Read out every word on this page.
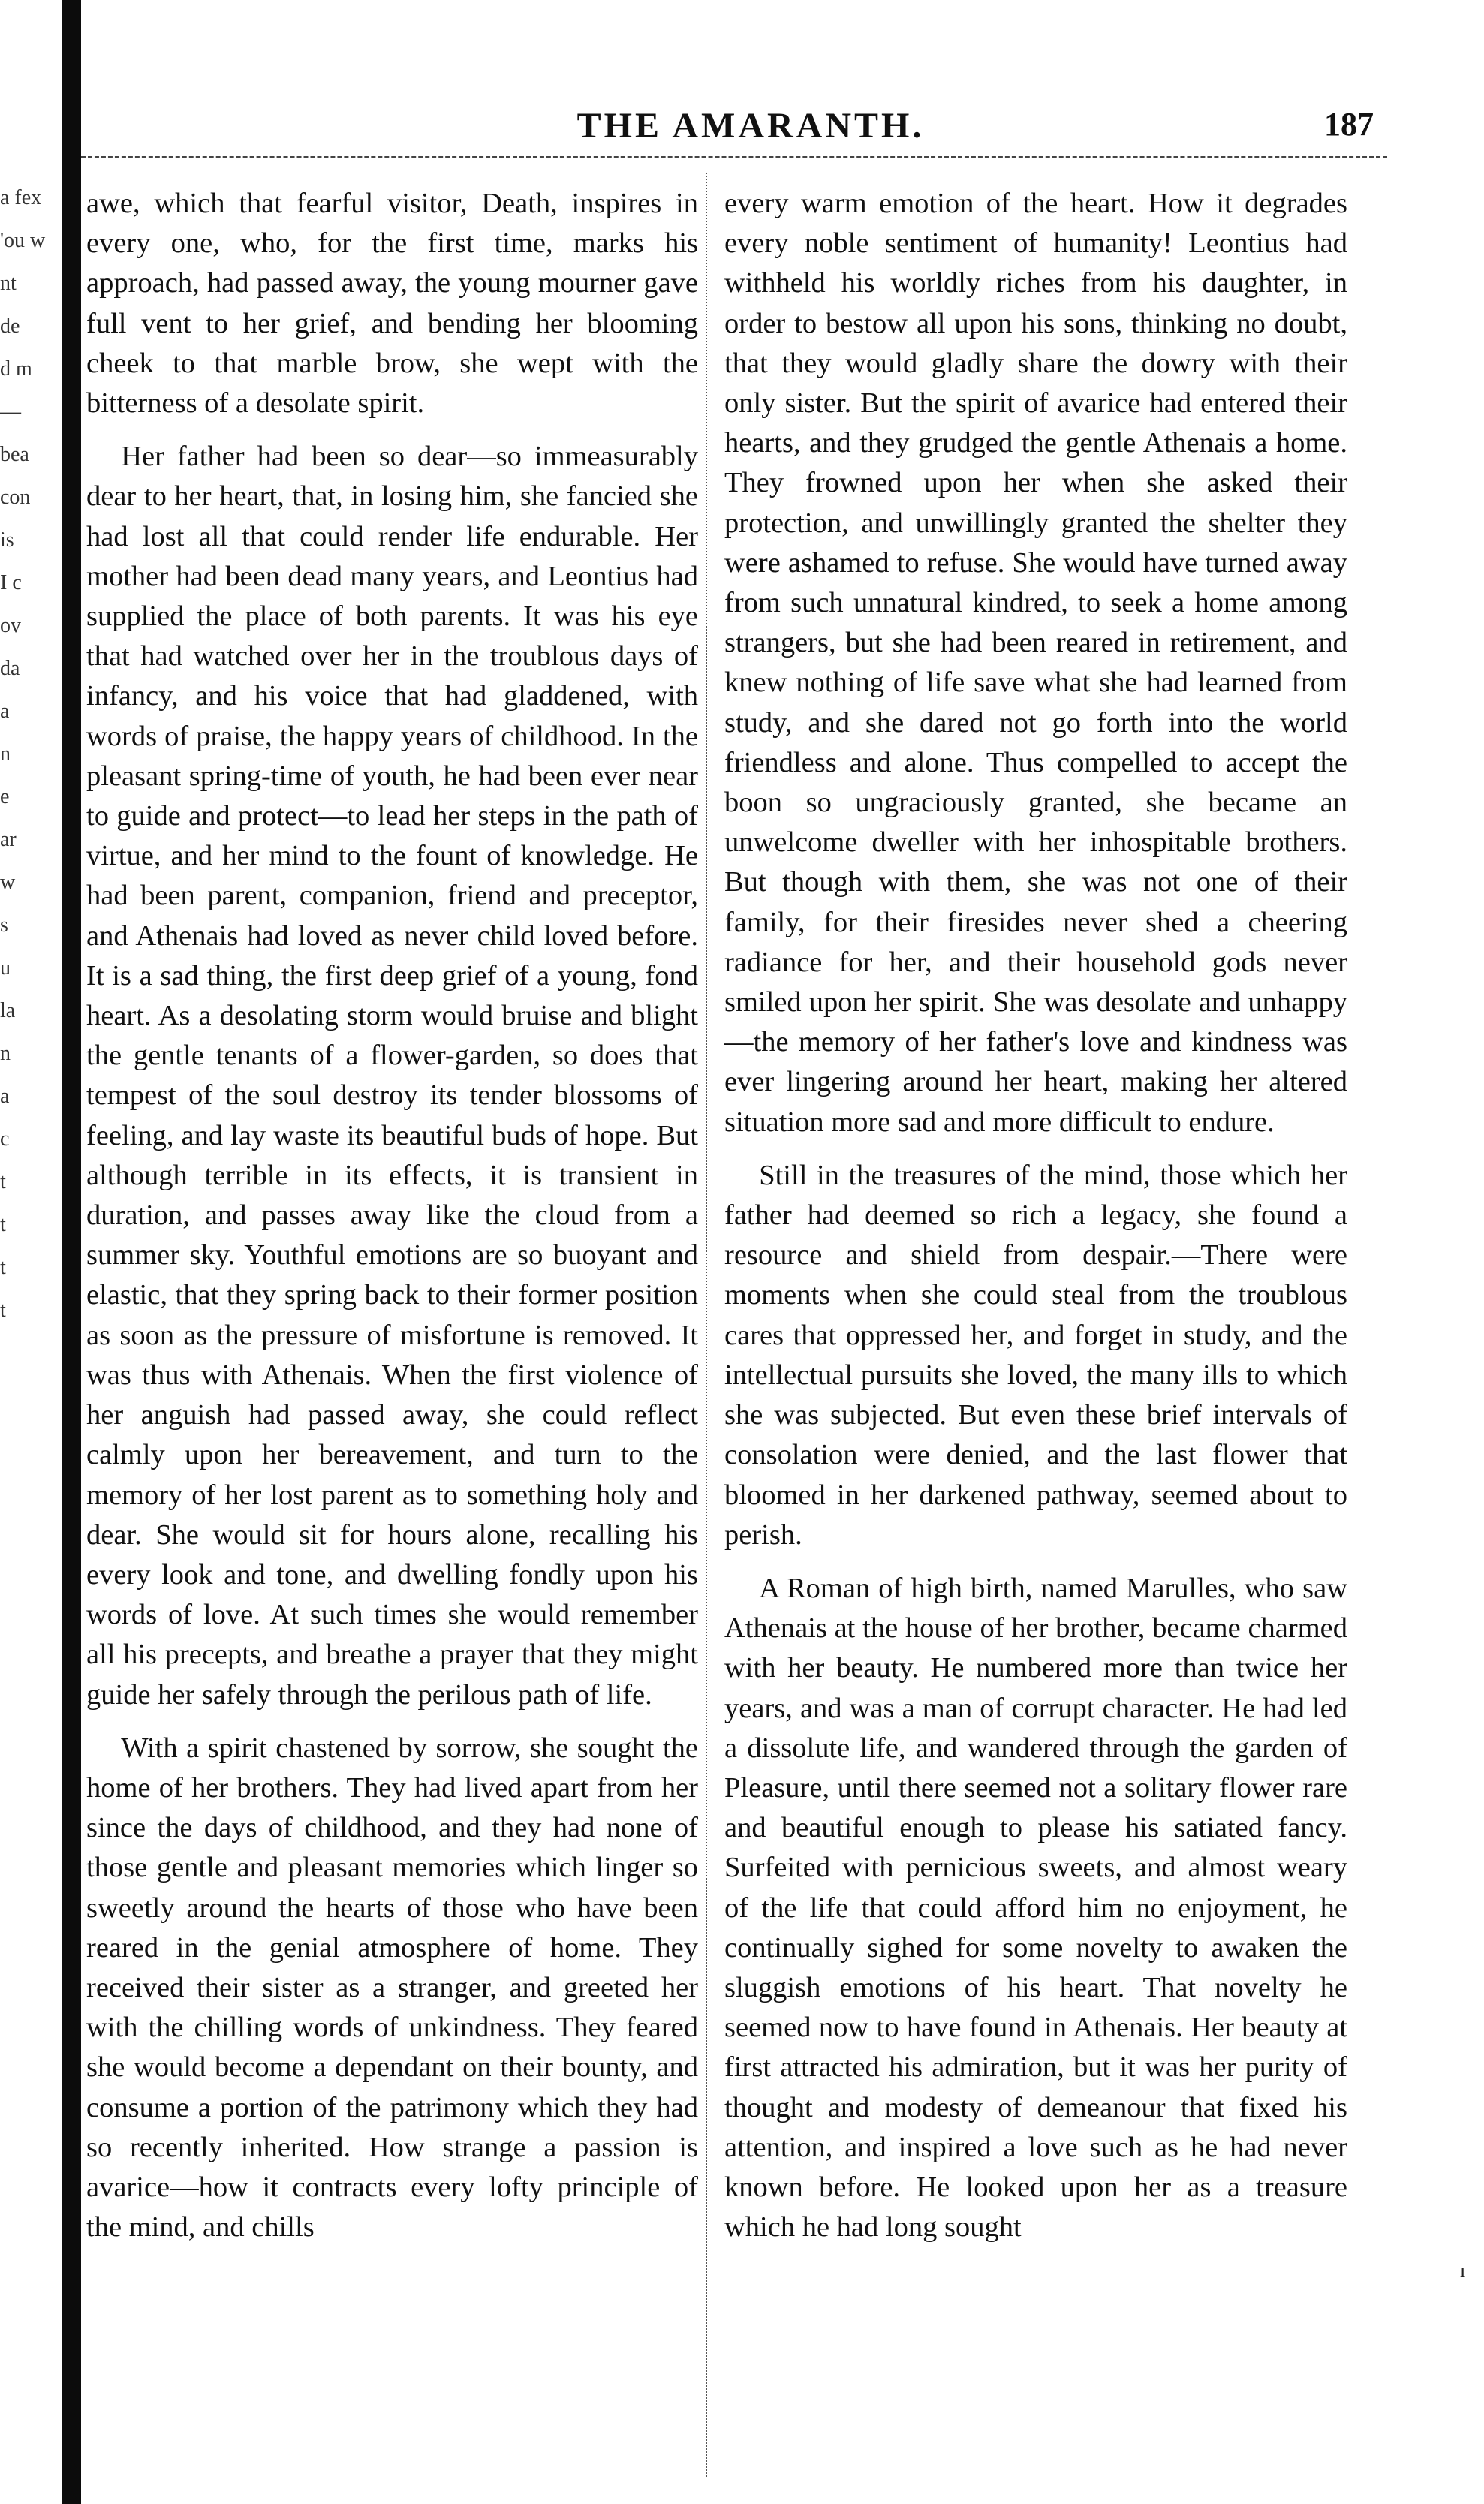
a fex
'ou w
nt
de
d m
—
bea
con
is
I c
ov
da
a
n
e
ar
w
s
u
la
n
a
c
t
t
t
t
THE AMARANTH.	187

awe, which that fearful visitor, Death, inspires in every one, who, for the first time, marks his approach, had passed away, the young mourner gave full vent to her grief, and bending her blooming cheek to that marble brow, she wept with the bitterness of a desolate spirit.

Her father had been so dear—so immeasurably dear to her heart, that, in losing him, she fancied she had lost all that could render life endurable. Her mother had been dead many years, and Leontius had supplied the place of both parents. It was his eye that had watched over her in the troublous days of infancy, and his voice that had gladdened, with words of praise, the happy years of childhood. In the pleasant spring-time of youth, he had been ever near to guide and protect—to lead her steps in the path of virtue, and her mind to the fount of knowledge. He had been parent, companion, friend and preceptor, and Athenais had loved as never child loved before. It is a sad thing, the first deep grief of a young, fond heart. As a desolating storm would bruise and blight the gentle tenants of a flower-garden, so does that tempest of the soul destroy its tender blossoms of feeling, and lay waste its beautiful buds of hope. But although terrible in its effects, it is transient in duration, and passes away like the cloud from a summer sky. Youthful emotions are so buoyant and elastic, that they spring back to their former position as soon as the pressure of misfortune is removed. It was thus with Athenais. When the first violence of her anguish had passed away, she could reflect calmly upon her bereavement, and turn to the memory of her lost parent as to something holy and dear. She would sit for hours alone, recalling his every look and tone, and dwelling fondly upon his words of love. At such times she would remember all his precepts, and breathe a prayer that they might guide her safely through the perilous path of life.

With a spirit chastened by sorrow, she sought the home of her brothers. They had lived apart from her since the days of childhood, and they had none of those gentle and pleasant memories which linger so sweetly around the hearts of those who have been reared in the genial atmosphere of home. They received their sister as a stranger, and greeted her with the chilling words of unkindness. They feared she would become a dependant on their bounty, and consume a portion of the patrimony which they had so recently inherited. How strange a passion is avarice—how it contracts every lofty principle of the mind, and chills

every warm emotion of the heart. How it degrades every noble sentiment of humanity! Leontius had withheld his worldly riches from his daughter, in order to bestow all upon his sons, thinking no doubt, that they would gladly share the dowry with their only sister. But the spirit of avarice had entered their hearts, and they grudged the gentle Athenais a home. They frowned upon her when she asked their protection, and unwillingly granted the shelter they were ashamed to refuse. She would have turned away from such unnatural kindred, to seek a home among strangers, but she had been reared in retirement, and knew nothing of life save what she had learned from study, and she dared not go forth into the world friendless and alone. Thus compelled to accept the boon so ungraciously granted, she became an unwelcome dweller with her inhospitable brothers. But though with them, she was not one of their family, for their firesides never shed a cheering radiance for her, and their household gods never smiled upon her spirit. She was desolate and unhappy—the memory of her father's love and kindness was ever lingering around her heart, making her altered situation more sad and more difficult to endure.

Still in the treasures of the mind, those which her father had deemed so rich a legacy, she found a resource and shield from despair.—There were moments when she could steal from the troublous cares that oppressed her, and forget in study, and the intellectual pursuits she loved, the many ills to which she was subjected. But even these brief intervals of consolation were denied, and the last flower that bloomed in her darkened pathway, seemed about to perish.

A Roman of high birth, named Marulles, who saw Athenais at the house of her brother, became charmed with her beauty. He numbered more than twice her years, and was a man of corrupt character. He had led a dissolute life, and wandered through the garden of Pleasure, until there seemed not a solitary flower rare and beautiful enough to please his satiated fancy. Surfeited with pernicious sweets, and almost weary of the life that could afford him no enjoyment, he continually sighed for some novelty to awaken the sluggish emotions of his heart. That novelty he seemed now to have found in Athenais. Her beauty at first attracted his admiration, but it was her purity of thought and modesty of demeanour that fixed his attention, and inspired a love such as he had never known before. He looked upon her as a treasure which he had long sought

ı
